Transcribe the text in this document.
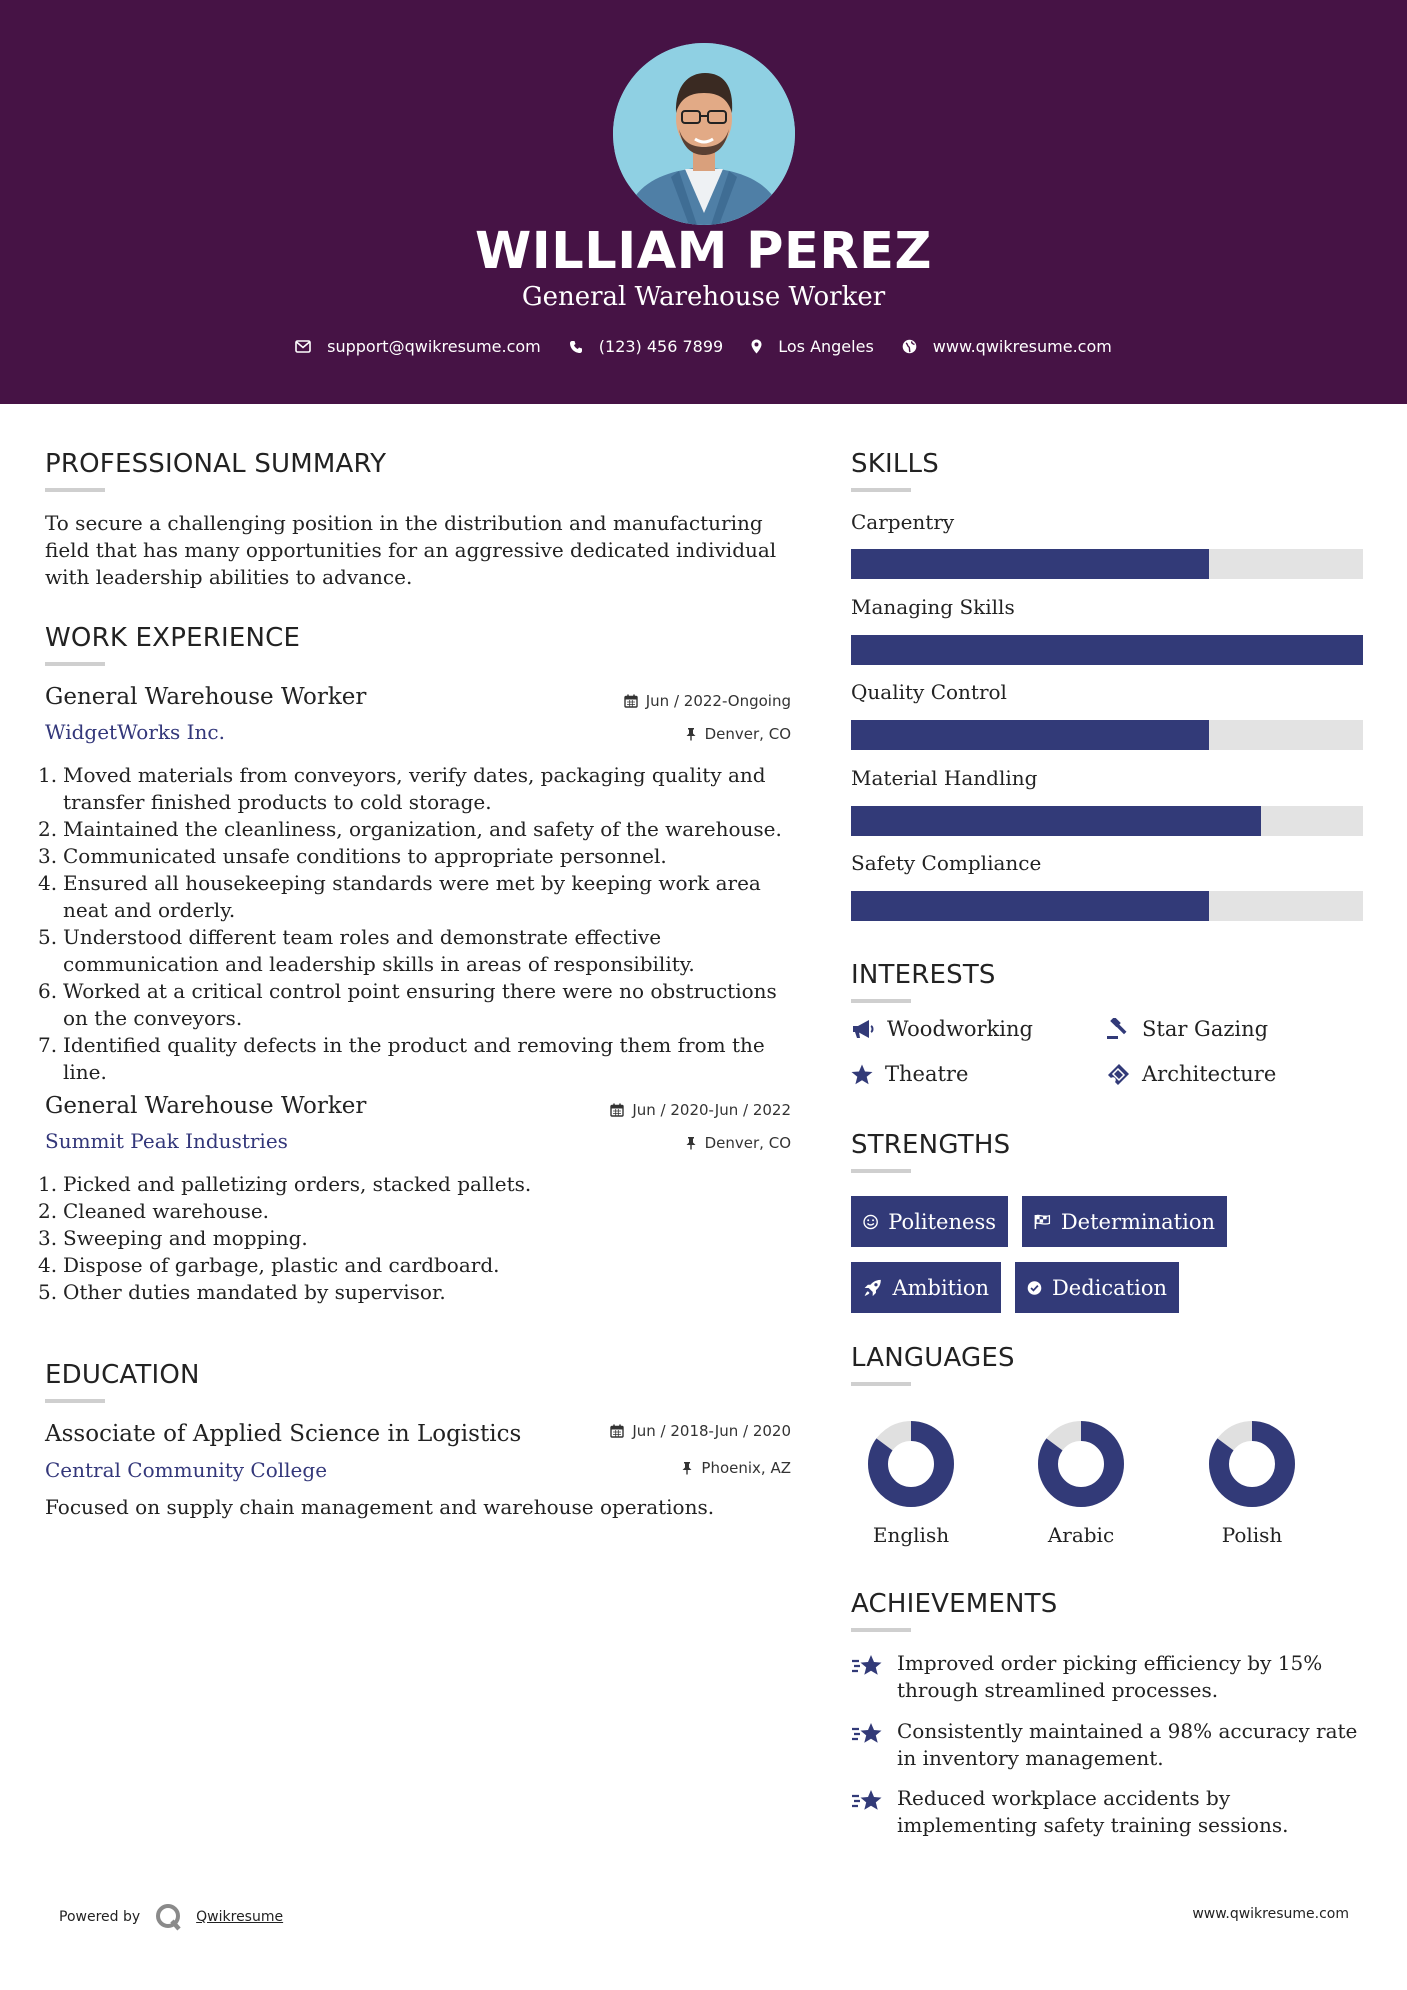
WILLIAM PEREZ
General Warehouse Worker
support@qwikresume.com	(123) 456 7899	Los Angeles	www.qwikresume.com
PROFESSIONAL SUMMARY
To secure a challenging position in the distribution and manufacturing field that has many opportunities for an aggressive dedicated individual with leadership abilities to advance.
WORK EXPERIENCE
General Warehouse Worker	Jun / 2022-Ongoing
WidgetWorks Inc.	Denver, CO
1. Moved materials from conveyors, verify dates, packaging quality and transfer finished products to cold storage.
2. Maintained the cleanliness, organization, and safety of the warehouse.
3. Communicated unsafe conditions to appropriate personnel.
4. Ensured all housekeeping standards were met by keeping work area neat and orderly.
5. Understood different team roles and demonstrate effective communication and leadership skills in areas of responsibility.
6. Worked at a critical control point ensuring there were no obstructions on the conveyors.
7. Identified quality defects in the product and removing them from the line.
General Warehouse Worker	Jun / 2020-Jun / 2022
Summit Peak Industries	Denver, CO
1. Picked and palletizing orders, stacked pallets.
2. Cleaned warehouse.
3. Sweeping and mopping.
4. Dispose of garbage, plastic and cardboard.
5. Other duties mandated by supervisor.
EDUCATION
Associate of Applied Science in Logistics	Jun / 2018-Jun / 2020
Central Community College	Phoenix, AZ
Focused on supply chain management and warehouse operations.
SKILLS
Carpentry
Managing Skills
Quality Control
Material Handling
Safety Compliance
INTERESTS
Woodworking	Star Gazing
Theatre	Architecture
STRENGTHS
Politeness	Determination
Ambition	Dedication
LANGUAGES
English	Arabic	Polish
ACHIEVEMENTS
Improved order picking efficiency by 15% through streamlined processes.
Consistently maintained a 98% accuracy rate in inventory management.
Reduced workplace accidents by implementing safety training sessions.
Powered by	Qwikresume	www.qwikresume.com
